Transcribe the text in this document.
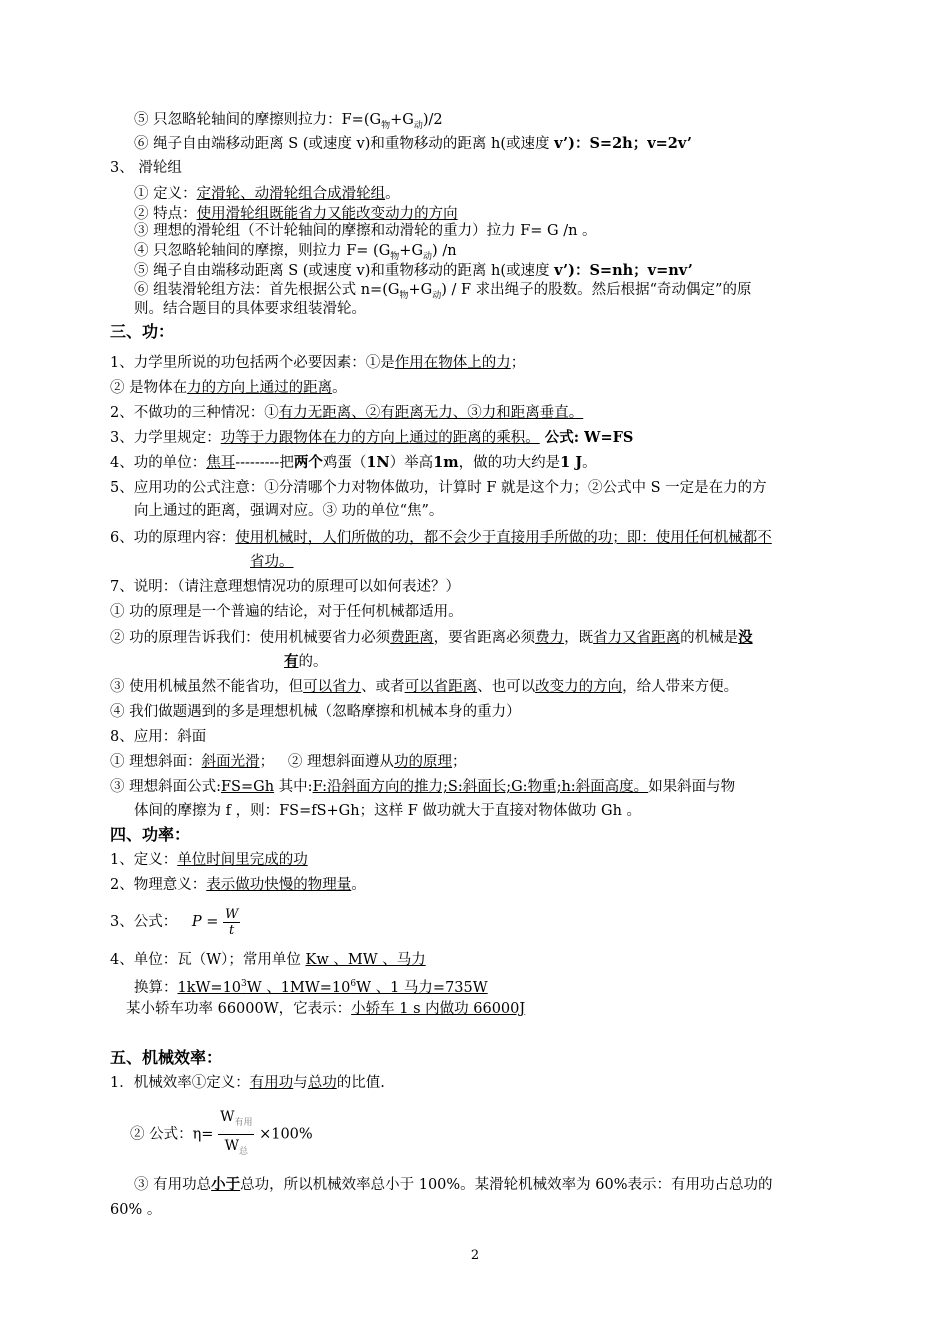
⑤ 只忽略轮轴间的摩擦则拉力：$F=(G_物+G_动)/2$
⑥ 绳子自由端移动距离 S (或速度 v)和重物移动的距离 h(或速度 v’)：S=2h；v=2v’
3、 滑轮组
① 定义：定滑轮、动滑轮组合成滑轮组。
② 特点：使用滑轮组既能省力又能改变动力的方向
③ 理想的滑轮组（不计轮轴间的摩擦和动滑轮的重力）拉力 F= G /n 。
④ 只忽略轮轴间的摩擦，则拉力 $F= (G_物+G_动)$ /n
⑤ 绳子自由端移动距离 S (或速度 v)和重物移动的距离 h(或速度 v’)：S=nh；v=nv’
⑥ 组装滑轮组方法：首先根据公式 $n=(G_物+G_动) / F$ 求出绳子的股数。然后根据“奇动偶定”的原
则。结合题目的具体要求组装滑轮。
三、功：
1、力学里所说的功包括两个必要因素：①是作用在物体上的力；
② 是物体在力的方向上通过的距离。
2、不做功的三种情况：①有力无距离、②有距离无力、③力和距离垂直。
3、力学里规定：功等于力跟物体在力的方向上通过的距离的乘积。 公式: W=FS
4、功的单位：焦耳---------把两个鸡蛋（1N）举高1m，做的功大约是1 J。
5、应用功的公式注意：①分清哪个力对物体做功，计算时 F 就是这个力；②公式中 S 一定是在力的方
向上通过的距离，强调对应。③ 功的单位“焦”。
6、功的原理内容：使用机械时，人们所做的功，都不会少于直接用手所做的功；即：使用任何机械都不
省功。
7、说明：（请注意理想情况功的原理可以如何表述？）
① 功的原理是一个普遍的结论，对于任何机械都适用。
② 功的原理告诉我们：使用机械要省力必须费距离，要省距离必须费力，既省力又省距离的机械是没
有的。
③ 使用机械虽然不能省功，但可以省力、或者可以省距离、也可以改变力的方向，给人带来方便。
④ 我们做题遇到的多是理想机械（忽略摩擦和机械本身的重力）
8、应用：斜面
① 理想斜面：斜面光滑；   ② 理想斜面遵从功的原理；
③ 理想斜面公式:FS=Gh 其中:F:沿斜面方向的推力;S:斜面长;G:物重;h:斜面高度。如果斜面与物
体间的摩擦为 f ，则：FS=fS+Gh；这样 F 做功就大于直接对物体做功 Gh 。
四、功率：
1、定义：单位时间里完成的功
2、物理意义：表示做功快慢的物理量。
3、公式： $P = \frac{W}{t}$
4、单位：瓦（W）；常用单位 Kw 、MW 、马力
换算：$1kW=10^3W$ 、$1MW=10^6W$ 、1 马力=735W
某小轿车功率 66000W，它表示：小轿车 1 s 内做功 66000J
五、机械效率：
1．机械效率①定义：有用功与总功的比值.
② 公式：$\eta= \frac{W_{有用}}{W_总} \times 100\%$
③ 有用功总小于总功，所以机械效率总小于 100%。某滑轮机械效率为 60%表示：有用功占总功的
60% 。
2
